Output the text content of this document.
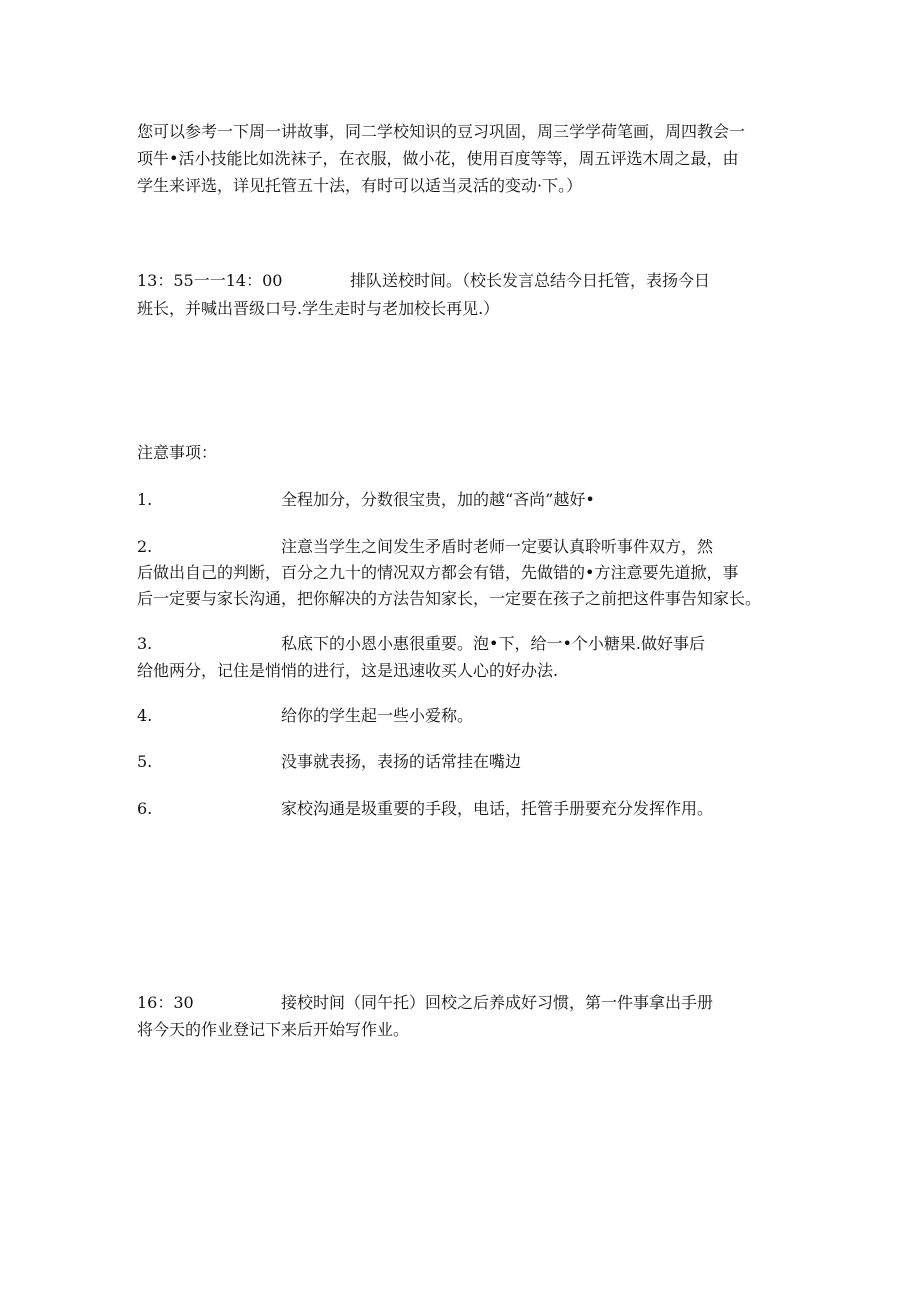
您可以参考一下周一讲故事，同二学校知识的豆习巩固，周三学学荷笔画，周四教会一
项牛•活小技能比如洗袜子，在衣服，做小花，使用百度等等，周五评选木周之最，由
学生来评选，详见托管五十法，有时可以适当灵活的变动·下。）
13：55一一14：00	排队送校时间。（校长发言总结今日托管，表扬今日
班长，并喊出晋级口号.学生走时与老加校长再见.）
注意事项：
1.	全程加分，分数很宝贵，加的越“吝尚”越好•
2.	注意当学生之间发生矛盾时老师一定要认真聆听事件双方，然
后做出自己的判断，百分之九十的情况双方都会有错，先做错的•方注意要先道掀，事
后一定要与家长沟通，把你解决的方法告知家长，一定要在孩子之前把这件事告知家长。
3.	私底下的小恩小惠很重要。泡•下，给一•个小糖果.做好事后
给他两分，记住是悄悄的进行，这是迅速收买人心的好办法.
4.	给你的学生起一些小爱称。
5.	没事就表扬，表扬的话常挂在嘴边
6.	家校沟通是圾重要的手段，电话，托管手册要充分发挥作用。
16：30	接校时间（同午托）回校之后养成好习惯，第一件事拿出手册
将今天的作业登记下来后开始写作业。
